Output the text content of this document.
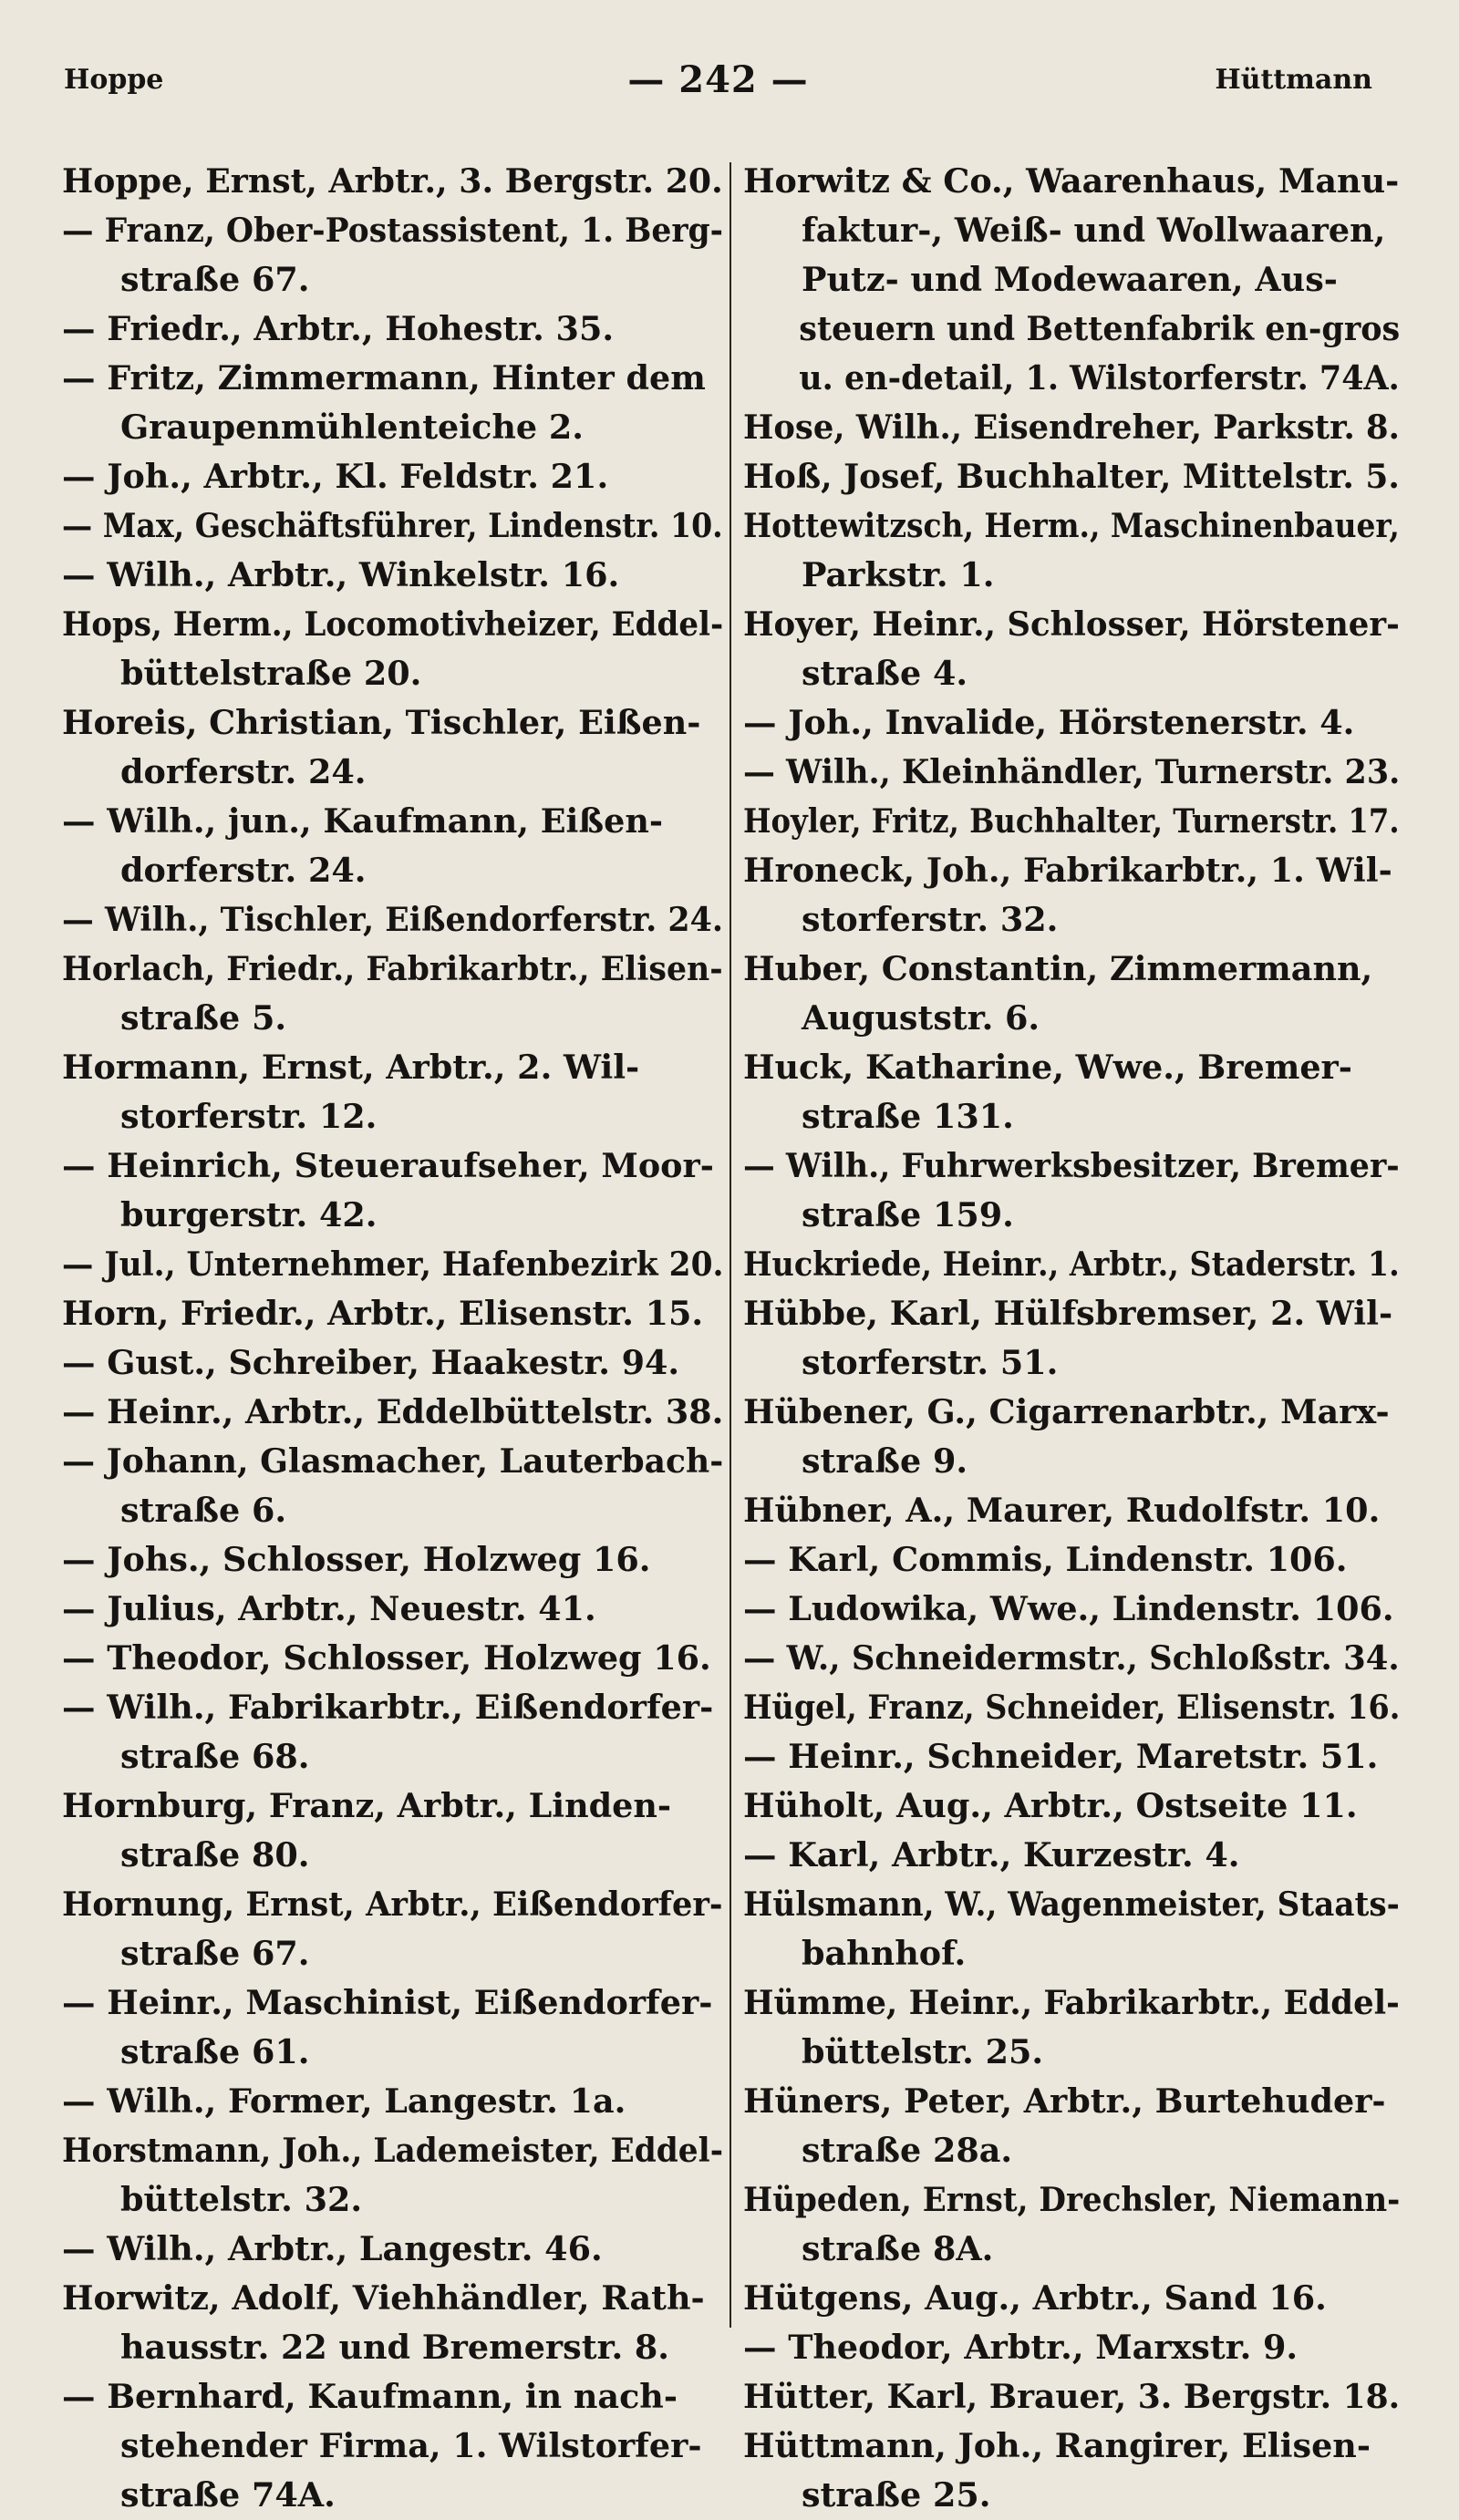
Hoppe	— 242 —	Hüttmann
Hoppe, Ernst, Arbtr., 3. Bergstr. 20.
— Franz, Ober-Postassistent, 1. Berg-
straße 67.
— Friedr., Arbtr., Hohestr. 35.
— Fritz, Zimmermann, Hinter dem
Graupenmühlenteiche 2.
— Joh., Arbtr., Kl. Feldstr. 21.
— Max, Geschäftsführer, Lindenstr. 10.
— Wilh., Arbtr., Winkelstr. 16.
Hops, Herm., Locomotivheizer, Eddel-
büttelstraße 20.
Horeis, Christian, Tischler, Eißen-
dorferstr. 24.
— Wilh., jun., Kaufmann, Eißen-
dorferstr. 24.
— Wilh., Tischler, Eißendorferstr. 24.
Horlach, Friedr., Fabrikarbtr., Elisen-
straße 5.
Hormann, Ernst, Arbtr., 2. Wil-
storferstr. 12.
— Heinrich, Steueraufseher, Moor-
burgerstr. 42.
— Jul., Unternehmer, Hafenbezirk 20.
Horn, Friedr., Arbtr., Elisenstr. 15.
— Gust., Schreiber, Haakestr. 94.
— Heinr., Arbtr., Eddelbüttelstr. 38.
— Johann, Glasmacher, Lauterbach-
straße 6.
— Johs., Schlosser, Holzweg 16.
— Julius, Arbtr., Neuestr. 41.
— Theodor, Schlosser, Holzweg 16.
— Wilh., Fabrikarbtr., Eißendorfer-
straße 68.
Hornburg, Franz, Arbtr., Linden-
straße 80.
Hornung, Ernst, Arbtr., Eißendorfer-
straße 67.
— Heinr., Maschinist, Eißendorfer-
straße 61.
— Wilh., Former, Langestr. 1a.
Horstmann, Joh., Lademeister, Eddel-
büttelstr. 32.
— Wilh., Arbtr., Langestr. 46.
Horwitz, Adolf, Viehhändler, Rath-
hausstr. 22 und Bremerstr. 8.
— Bernhard, Kaufmann, in nach-
stehender Firma, 1. Wilstorfer-
straße 74A.
Horwitz & Co., Waarenhaus, Manu-
faktur-, Weiß- und Wollwaaren,
Putz- und Modewaaren, Aus-
steuern und Bettenfabrik en-gros
u. en-detail, 1. Wilstorferstr. 74A.
Hose, Wilh., Eisendreher, Parkstr. 8.
Hoß, Josef, Buchhalter, Mittelstr. 5.
Hottewitzsch, Herm., Maschinenbauer,
Parkstr. 1.
Hoyer, Heinr., Schlosser, Hörstener-
straße 4.
— Joh., Invalide, Hörstenerstr. 4.
— Wilh., Kleinhändler, Turnerstr. 23.
Hoyler, Fritz, Buchhalter, Turnerstr. 17.
Hroneck, Joh., Fabrikarbtr., 1. Wil-
storferstr. 32.
Huber, Constantin, Zimmermann,
Auguststr. 6.
Huck, Katharine, Wwe., Bremer-
straße 131.
— Wilh., Fuhrwerksbesitzer, Bremer-
straße 159.
Huckriede, Heinr., Arbtr., Staderstr. 1.
Hübbe, Karl, Hülfsbremser, 2. Wil-
storferstr. 51.
Hübener, G., Cigarrenarbtr., Marx-
straße 9.
Hübner, A., Maurer, Rudolfstr. 10.
— Karl, Commis, Lindenstr. 106.
— Ludowika, Wwe., Lindenstr. 106.
— W., Schneidermstr., Schloßstr. 34.
Hügel, Franz, Schneider, Elisenstr. 16.
— Heinr., Schneider, Maretstr. 51.
Hüholt, Aug., Arbtr., Ostseite 11.
— Karl, Arbtr., Kurzestr. 4.
Hülsmann, W., Wagenmeister, Staats-
bahnhof.
Hümme, Heinr., Fabrikarbtr., Eddel-
büttelstr. 25.
Hüners, Peter, Arbtr., Burtehuder-
straße 28a.
Hüpeden, Ernst, Drechsler, Niemann-
straße 8A.
Hütgens, Aug., Arbtr., Sand 16.
— Theodor, Arbtr., Marxstr. 9.
Hütter, Karl, Brauer, 3. Bergstr. 18.
Hüttmann, Joh., Rangirer, Elisen-
straße 25.
